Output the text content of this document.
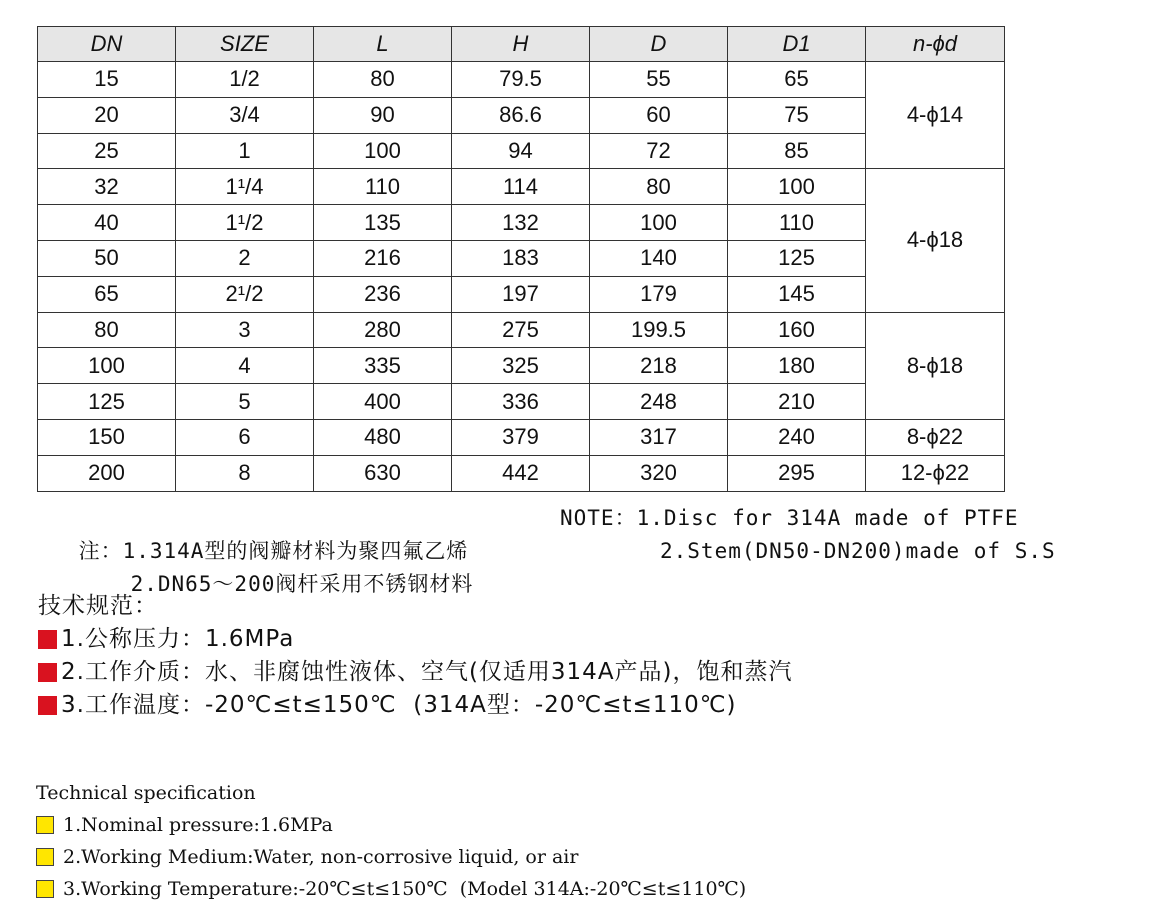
DN	SIZE	L	H	D	D1	n-ϕd
15	1/2	80	79.5	55	65	4-ϕ14
20	3/4	90	86.6	60	75	
25	1	100	94	72	85	
32	1¹/4	110	114	80	100	4-ϕ18
40	1¹/2	135	132	100	110	
50	2	216	183	140	125	
65	2¹/2	236	197	179	145	
80	3	280	275	199.5	160	8-ϕ18
100	4	335	325	218	180	
125	5	400	336	248	210	
150	6	480	379	317	240	8-ϕ22
200	8	630	442	320	295	12-ϕ22

注：1.314A型的阀瓣材料为聚四氟乙烯

NOTE：1.Disc for 314A made of PTFE

2.DN65～200阀杆采用不锈钢材料

2.Stem(DN50-DN200)made of S.S

技术规范：
1.公称压力：1.6MPa
2.工作介质：水、非腐蚀性液体、空气(仅适用314A产品)，饱和蒸汽
3.工作温度：-20℃≤t≤150℃  (314A型：-20℃≤t≤110℃)
Technical specification
1.Nominal pressure:1.6MPa
2.Working Medium:Water, non-corrosive liquid, or air
3.Working Temperature:-20℃≤t≤150℃  (Model 314A:-20℃≤t≤110℃)
